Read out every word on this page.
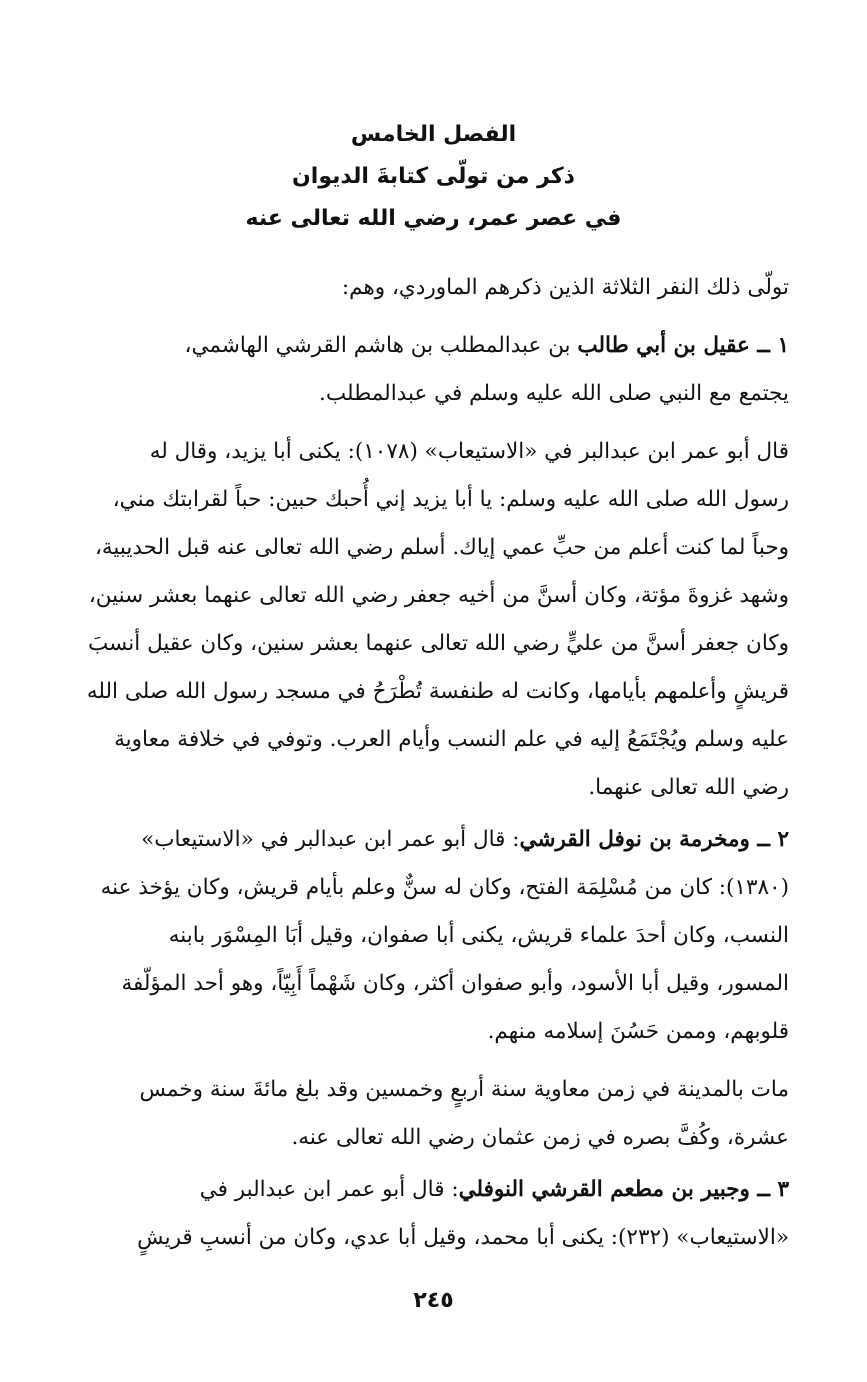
الفصل الخامس
ذكر من تولّى كتابةَ الديوان
في عصر عمر، رضي الله تعالى عنه
تولّى ذلك النفر الثلاثة الذين ذكرهم الماوردي، وهم:
١ ــ عقيل بن أبي طالب بن عبدالمطلب بن هاشم القرشي الهاشمي،
يجتمع مع النبي صلى الله عليه وسلم في عبدالمطلب.
قال أبو عمر ابن عبدالبر في «الاستيعاب» (١٠٧٨): يكنى أبا يزيد، وقال له
رسول الله صلى الله عليه وسلم: يا أبا يزيد إني أُحبك حبين: حباً لقرابتك مني،
وحباً لما كنت أعلم من حبِّ عمي إياك. أسلم رضي الله تعالى عنه قبل الحديبية،
وشهد غزوةَ مؤتة، وكان أسنَّ من أخيه جعفر رضي الله تعالى عنهما بعشر سنين،
وكان جعفر أسنَّ من عليٍّ رضي الله تعالى عنهما بعشر سنين، وكان عقيل أنسبَ
قريشٍ وأعلمهم بأيامها، وكانت له طنفسة تُطْرَحُ في مسجد رسول الله صلى الله
عليه وسلم ويُجْتَمَعُ إليه في علم النسب وأيام العرب. وتوفي في خلافة معاوية
رضي الله تعالى عنهما.
٢ ــ ومخرمة بن نوفل القرشي: قال أبو عمر ابن عبدالبر في «الاستيعاب»
(١٣٨٠): كان من مُسْلِمَة الفتح، وكان له سنٌّ وعلم بأيام قريش، وكان يؤخذ عنه
النسب، وكان أحدَ علماء قريش، يكنى أبا صفوان، وقيل أبَا المِسْوَر بابنه
المسور، وقيل أبا الأسود، وأبو صفوان أكثر، وكان شَهْماً أَبِيّاً، وهو أحد المؤلّفة
قلوبهم، وممن حَسُنَ إسلامه منهم.
مات بالمدينة في زمن معاوية سنة أربعٍ وخمسين وقد بلغ مائةَ سنة وخمس
عشرة، وكُفَّ بصره في زمن عثمان رضي الله تعالى عنه.
٣ ــ وجبير بن مطعم القرشي النوفلي: قال أبو عمر ابن عبدالبر في
«الاستيعاب» (٢٣٢): يكنى أبا محمد، وقيل أبا عدي، وكان من أنسبِ قريشٍ
٢٤٥
